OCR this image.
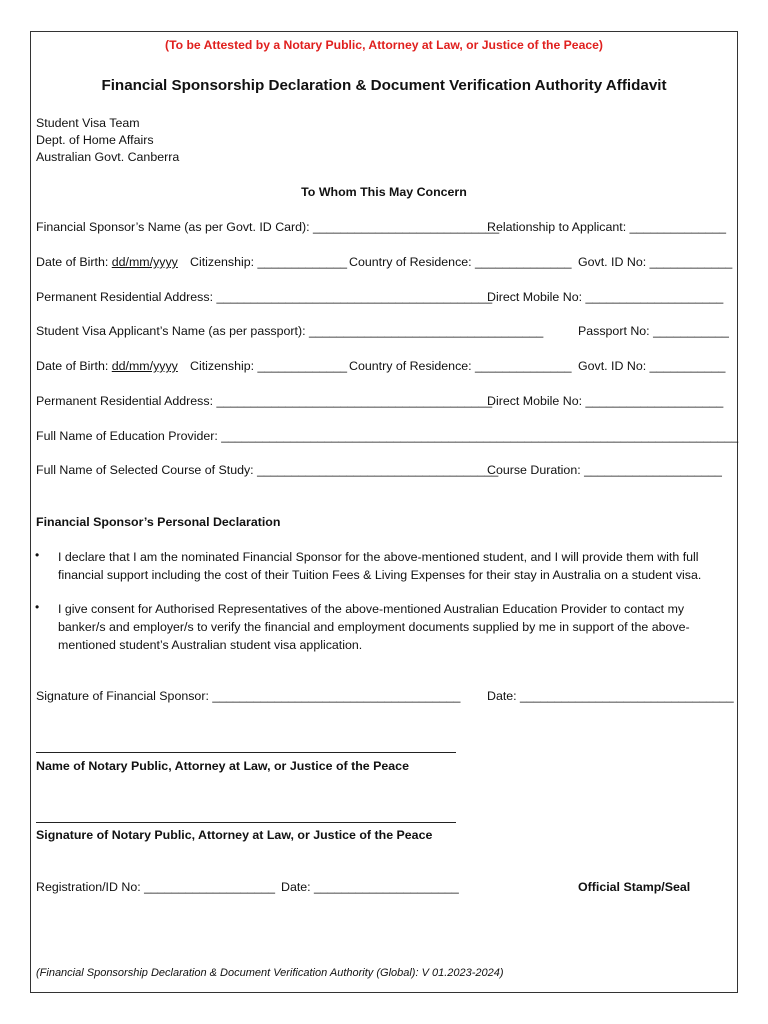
(To be Attested by a Notary Public, Attorney at Law, or Justice of the Peace)
Financial Sponsorship Declaration & Document Verification Authority Affidavit
Student Visa Team
Dept. of Home Affairs
Australian Govt. Canberra
To Whom This May Concern
Financial Sponsor’s Name (as per Govt. ID Card): ___________________________
Relationship to Applicant: ______________
Date of Birth: dd/mm/yyyy Citizenship: _____________ Country of Residence: ______________ Govt. ID No: ____________
Permanent Residential Address: ________________________________________
Direct Mobile No: ____________________
Student Visa Applicant’s Name (as per passport): __________________________________	Passport No: ___________
Date of Birth: dd/mm/yyyy Citizenship: _____________ Country of Residence: ______________ Govt. ID No: ___________
Permanent Residential Address: ________________________________________
Direct Mobile No: ____________________
Full Name of Education Provider: ___________________________________________________________________________
Full Name of Selected Course of Study: ___________________________________
Course Duration: ____________________
Financial Sponsor’s Personal Declaration
• I declare that I am the nominated Financial Sponsor for the above-mentioned student, and I will provide them with full financial support including the cost of their Tuition Fees & Living Expenses for their stay in Australia on a student visa.
• I give consent for Authorised Representatives of the above-mentioned Australian Education Provider to contact my banker/s and employer/s to verify the financial and employment documents supplied by me in support of the above-mentioned student’s Australian student visa application.
Signature of Financial Sponsor: ____________________________________ Date: _______________________________
Name of Notary Public, Attorney at Law, or Justice of the Peace
Signature of Notary Public, Attorney at Law, or Justice of the Peace
Registration/ID No: ___________________ Date: _____________________	Official Stamp/Seal
(Financial Sponsorship Declaration & Document Verification Authority (Global): V 01.2023-2024)
